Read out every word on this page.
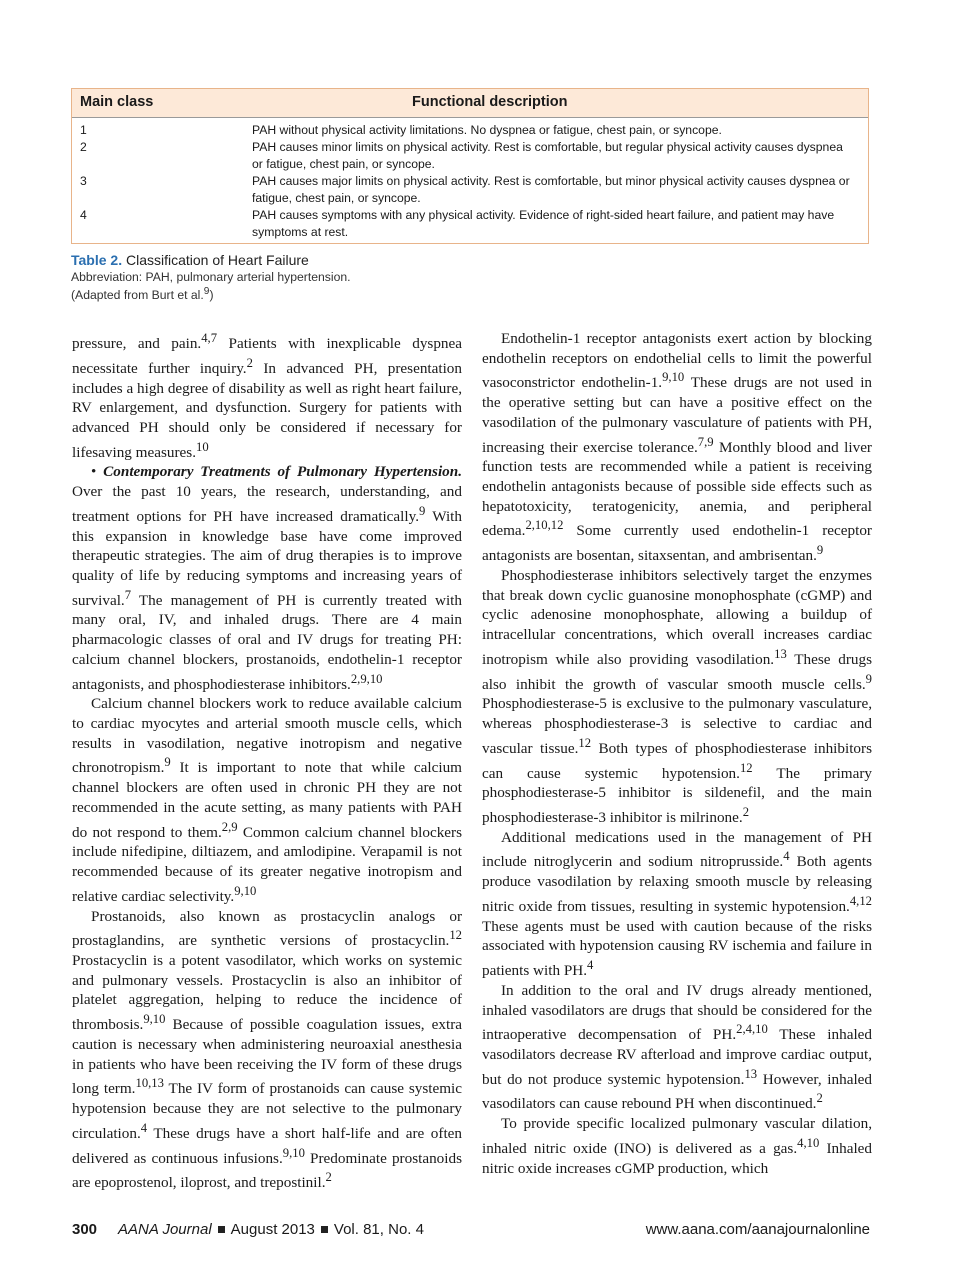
Main class	Functional description
1	PAH without physical activity limitations. No dyspnea or fatigue, chest pain, or syncope.
2	PAH causes minor limits on physical activity. Rest is comfortable, but regular physical activity causes dyspnea or fatigue, chest pain, or syncope.
3	PAH causes major limits on physical activity. Rest is comfortable, but minor physical activity causes dyspnea or fatigue, chest pain, or syncope.
4	PAH causes symptoms with any physical activity. Evidence of right-sided heart failure, and patient may have symptoms at rest.
Table 2. Classification of Heart Failure
Abbreviation: PAH, pulmonary arterial hypertension.
(Adapted from Burt et al.$^9$)

pressure, and pain.$^{4,7}$ Patients with inexplicable dyspnea necessitate further inquiry.$^2$ In advanced PH, presentation includes a high degree of disability as well as right heart failure, RV enlargement, and dysfunction. Surgery for patients with advanced PH should only be considered if necessary for lifesaving measures.$^{10}$

• Contemporary Treatments of Pulmonary Hypertension. Over the past 10 years, the research, understanding, and treatment options for PH have increased dramatically.$^9$ With this expansion in knowledge base have come improved therapeutic strategies. The aim of drug therapies is to improve quality of life by reducing symptoms and increasing years of survival.$^7$ The management of PH is currently treated with many oral, IV, and inhaled drugs. There are 4 main pharmacologic classes of oral and IV drugs for treating PH: calcium channel blockers, prostanoids, endothelin-1 receptor antagonists, and phosphodiesterase inhibitors.$^{2,9,10}$

Calcium channel blockers work to reduce available calcium to cardiac myocytes and arterial smooth muscle cells, which results in vasodilation, negative inotropism and negative chronotropism.$^9$ It is important to note that while calcium channel blockers are often used in chronic PH they are not recommended in the acute setting, as many patients with PAH do not respond to them.$^{2,9}$ Common calcium channel blockers include nifedipine, diltiazem, and amlodipine. Verapamil is not recommended because of its greater negative inotropism and relative cardiac selectivity.$^{9,10}$

Prostanoids, also known as prostacyclin analogs or prostaglandins, are synthetic versions of prostacyclin.$^{12}$ Prostacyclin is a potent vasodilator, which works on systemic and pulmonary vessels. Prostacyclin is also an inhibitor of platelet aggregation, helping to reduce the incidence of thrombosis.$^{9,10}$ Because of possible coagulation issues, extra caution is necessary when administering neuroaxial anesthesia in patients who have been receiving the IV form of these drugs long term.$^{10,13}$ The IV form of prostanoids can cause systemic hypotension because they are not selective to the pulmonary circulation.$^4$ These drugs have a short half-life and are often delivered as continuous infusions.$^{9,10}$ Predominate prostanoids are epoprostenol, iloprost, and trepostinil.$^2$

Endothelin-1 receptor antagonists exert action by blocking endothelin receptors on endothelial cells to limit the powerful vasoconstrictor endothelin-1.$^{9,10}$ These drugs are not used in the operative setting but can have a positive effect on the vasodilation of the pulmonary vasculature of patients with PH, increasing their exercise tolerance.$^{7,9}$ Monthly blood and liver function tests are recommended while a patient is receiving endothelin antagonists because of possible side effects such as hepatotoxicity, teratogenicity, anemia, and peripheral edema.$^{2,10,12}$ Some currently used endothelin-1 receptor antagonists are bosentan, sitaxsentan, and ambrisentan.$^9$

Phosphodiesterase inhibitors selectively target the enzymes that break down cyclic guanosine monophosphate (cGMP) and cyclic adenosine monophosphate, allowing a buildup of intracellular concentrations, which overall increases cardiac inotropism while also providing vasodilation.$^{13}$ These drugs also inhibit the growth of vascular smooth muscle cells.$^9$ Phosphodiesterase-5 is exclusive to the pulmonary vasculature, whereas phosphodiesterase-3 is selective to cardiac and vascular tissue.$^{12}$ Both types of phosphodiesterase inhibitors can cause systemic hypotension.$^{12}$ The primary phosphodiesterase-5 inhibitor is sildenefil, and the main phosphodiesterase-3 inhibitor is milrinone.$^2$

Additional medications used in the management of PH include nitroglycerin and sodium nitroprusside.$^4$ Both agents produce vasodilation by relaxing smooth muscle by releasing nitric oxide from tissues, resulting in systemic hypotension.$^{4,12}$ These agents must be used with caution because of the risks associated with hypotension causing RV ischemia and failure in patients with PH.$^4$

In addition to the oral and IV drugs already mentioned, inhaled vasodilators are drugs that should be considered for the intraoperative decompensation of PH.$^{2,4,10}$ These inhaled vasodilators decrease RV afterload and improve cardiac output, but do not produce systemic hypotension.$^{13}$ However, inhaled vasodilators can cause rebound PH when discontinued.$^2$

To provide specific localized pulmonary vascular dilation, inhaled nitric oxide (INO) is delivered as a gas.$^{4,10}$ Inhaled nitric oxide increases cGMP production, which

300 AANA Journal August 2013 Vol. 81, No. 4	www.aana.com/aanajournalonline
